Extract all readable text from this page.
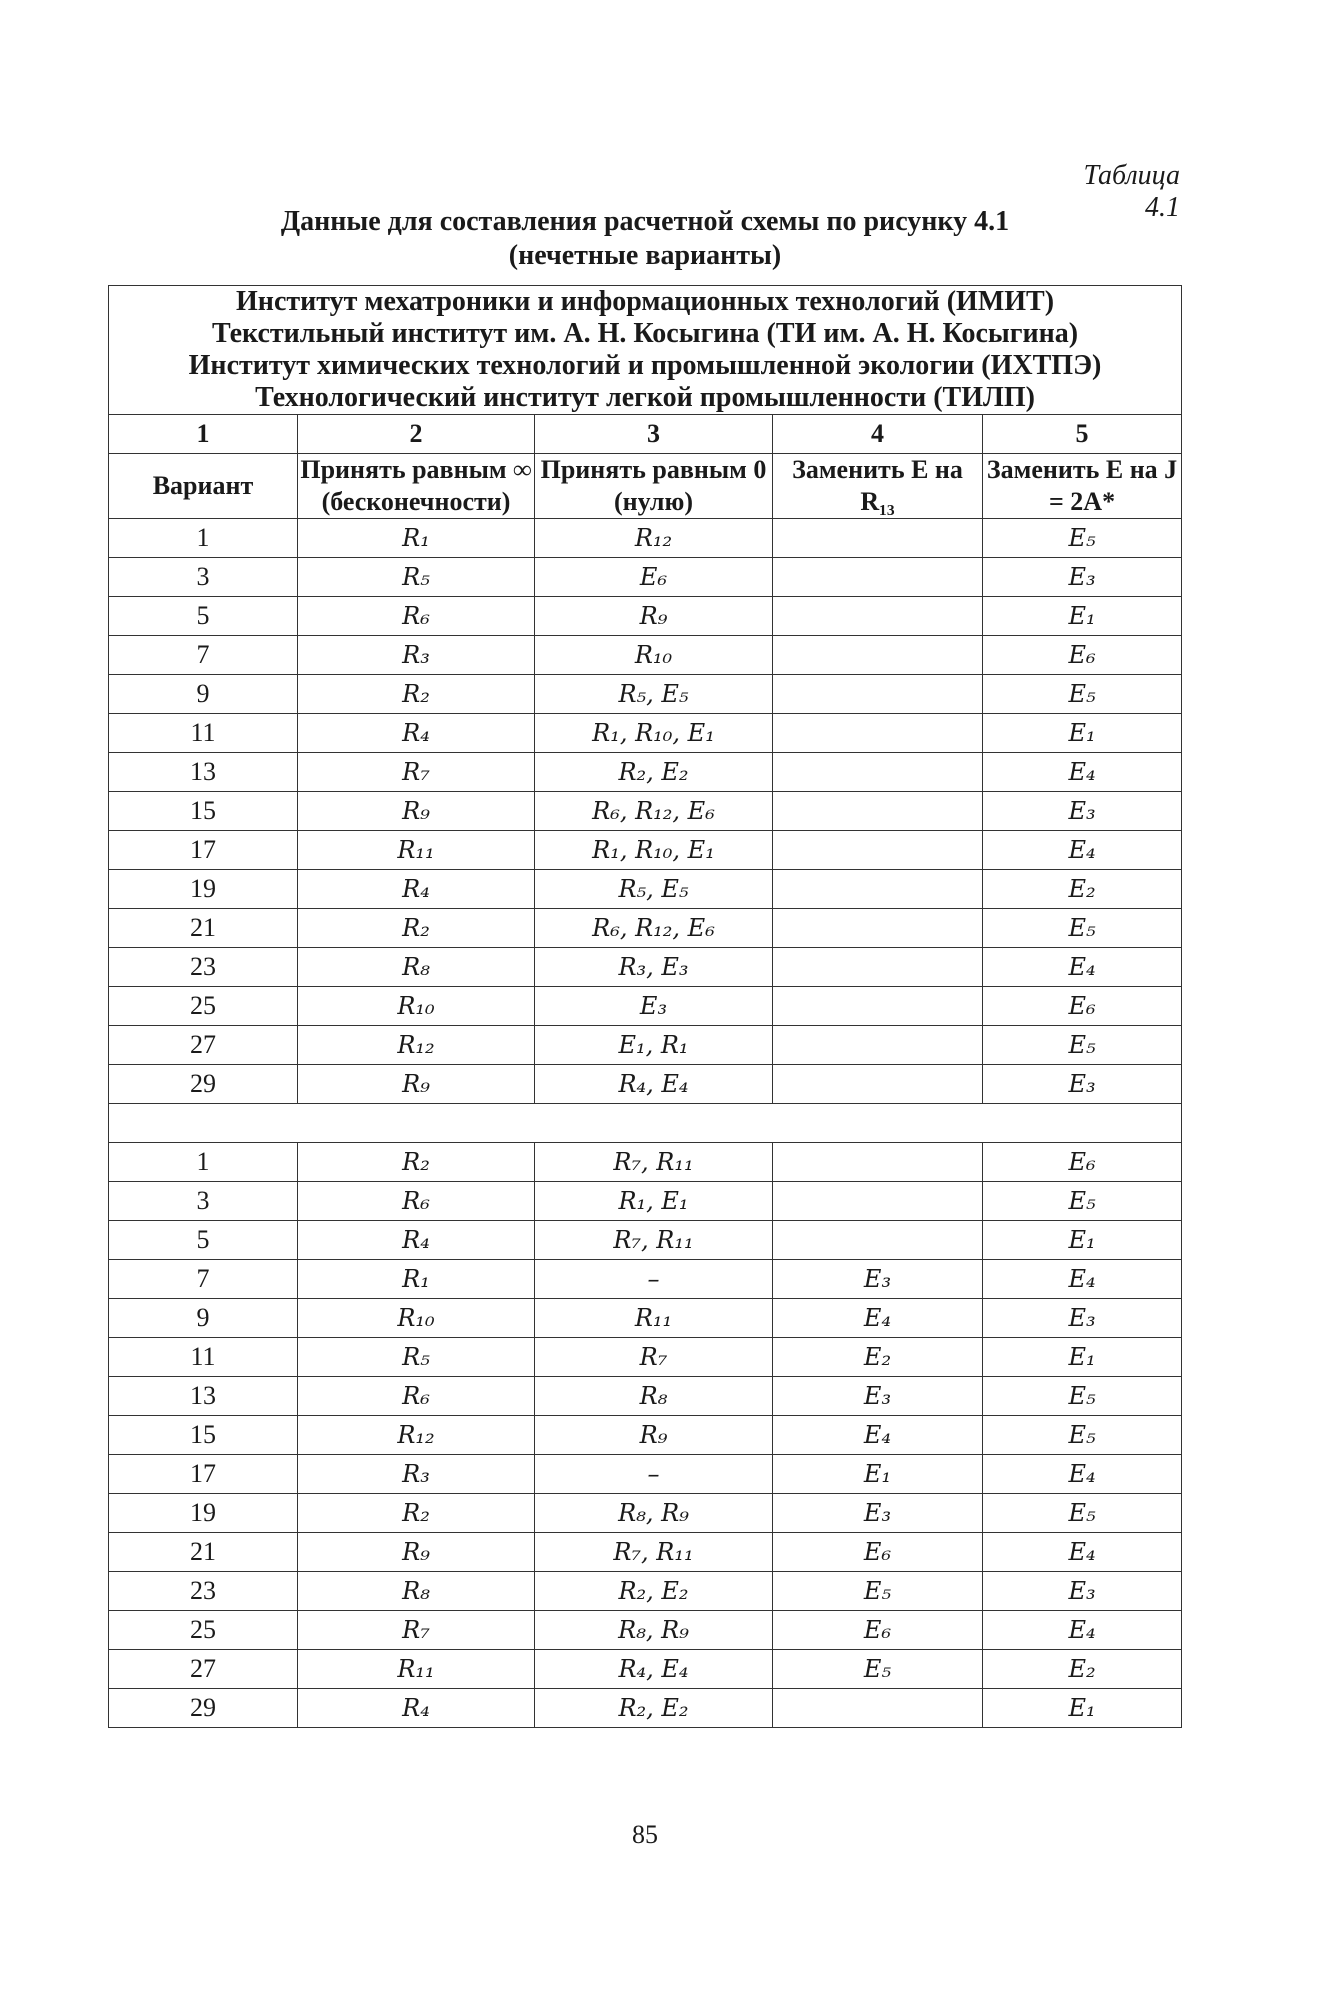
Таблица 4.1
Данные для составления расчетной схемы по рисунку 4.1
(нечетные варианты)
Институт мехатроники и информационных технологий (ИМИТ)
Текстильный институт им. А. Н. Косыгина (ТИ им. А. Н. Косыгина)
Институт химических технологий и промышленной экологии (ИХТПЭ)
Технологический институт легкой промышленности (ТИЛП)				

1	2	3	4	5
Вариант	Принять равным ∞ (бесконечности)	Принять равным 0 (нулю)	Заменить E на R₁₃	Заменить E на J = 2A*
1	R₁	R₁₂		E₅
3	R₅	E₆		E₃
5	R₆	R₉		E₁
7	R₃	R₁₀		E₆
9	R₂	R₅, E₅		E₅
11	R₄	R₁, R₁₀, E₁		E₁
13	R₇	R₂, E₂		E₄
15	R₉	R₆, R₁₂, E₆		E₃
17	R₁₁	R₁, R₁₀, E₁		E₄
19	R₄	R₅, E₅		E₂
21	R₂	R₆, R₁₂, E₆		E₅
23	R₈	R₃, E₃		E₄
25	R₁₀	E₃		E₆
27	R₁₂	E₁, R₁		E₅
29	R₉	R₄, E₄		E₃

1	R₂	R₇, R₁₁		E₆
3	R₆	R₁, E₁		E₅
5	R₄	R₇, R₁₁		E₁
7	R₁	–	E₃	E₄
9	R₁₀	R₁₁	E₄	E₃
11	R₅	R₇	E₂	E₁
13	R₆	R₈	E₃	E₅
15	R₁₂	R₉	E₄	E₅
17	R₃	–	E₁	E₄
19	R₂	R₈, R₉	E₃	E₅
21	R₉	R₇, R₁₁	E₆	E₄
23	R₈	R₂, E₂	E₅	E₃
25	R₇	R₈, R₉	E₆	E₄
27	R₁₁	R₄, E₄	E₅	E₂
29	R₄	R₂, E₂		E₁
85
